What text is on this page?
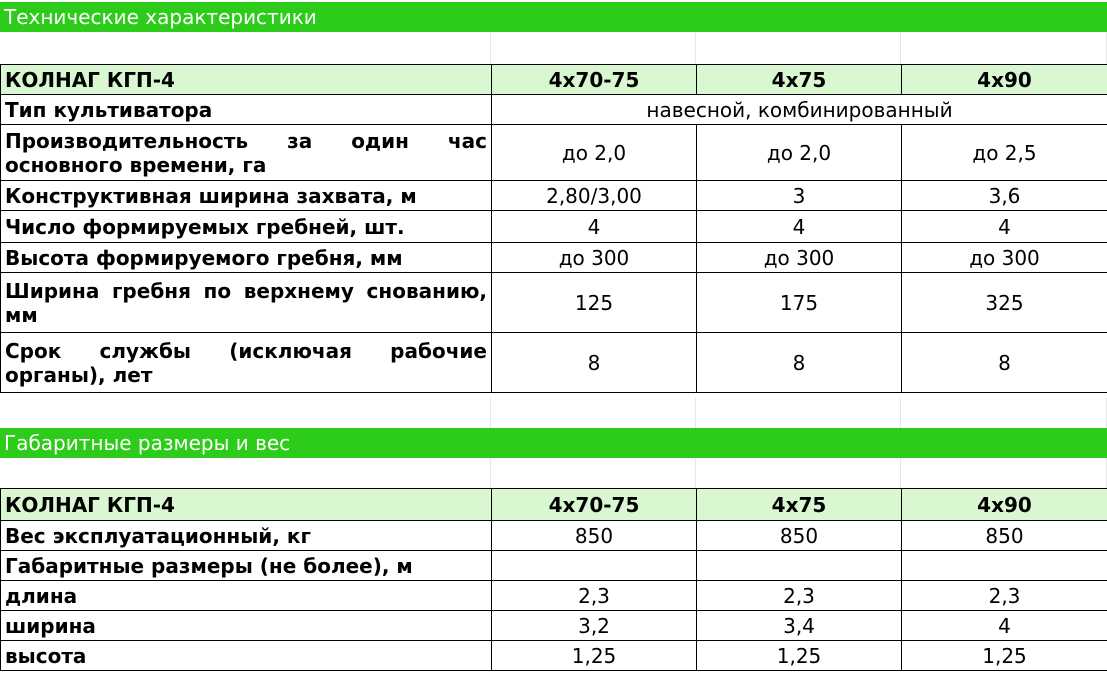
Технические характеристики
КОЛНАГ КГП-4	4х70-75	4х75	4х90
Тип культиватора	навесной, комбинированный		
Производительность за один час основного времени, га	до 2,0	до 2,0	до 2,5
Конструктивная ширина захвата, м	2,80/3,00	3	3,6
Число формируемых гребней, шт.	4	4	4
Высота формируемого гребня, мм	до 300	до 300	до 300
Ширина гребня по верхнему снованию, мм	125	175	325
Срок службы (исключая рабочие органы), лет	8	8	8
Габаритные размеры и вес
КОЛНАГ КГП-4	4х70-75	4х75	4х90
Вес эксплуатационный, кг	850	850	850
Габаритные размеры (не более), м			
длина	2,3	2,3	2,3
ширина	3,2	3,4	4
высота	1,25	1,25	1,25
